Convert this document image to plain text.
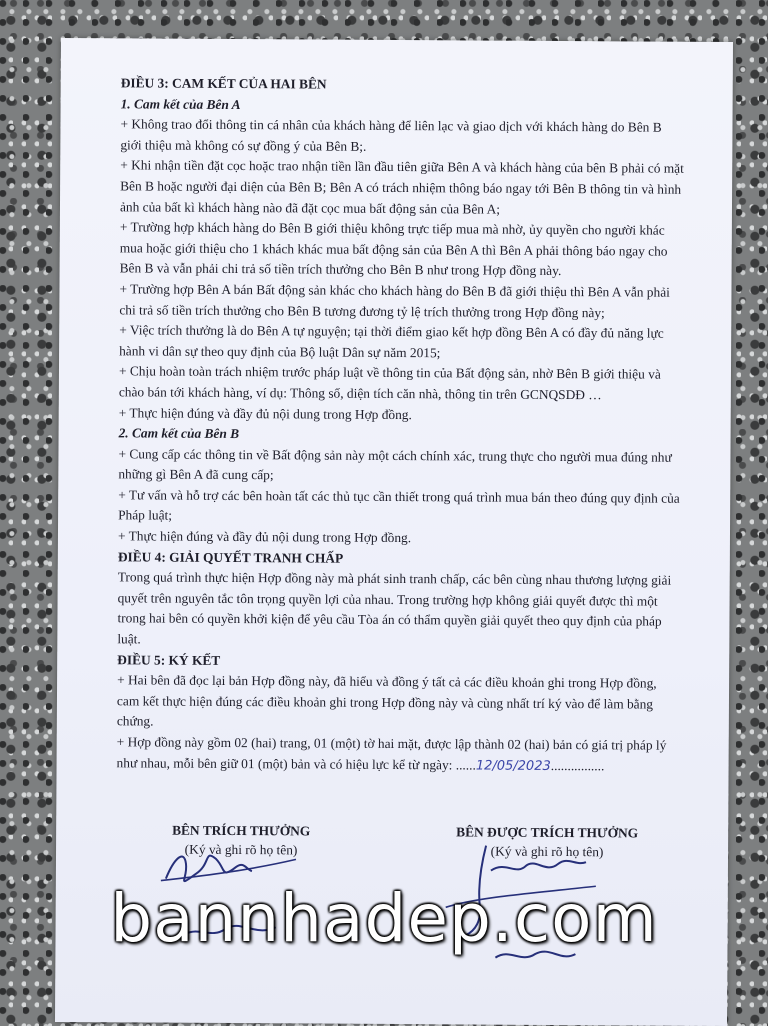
ĐIỀU 3: CAM KẾT CỦA HAI BÊN

1. Cam kết của Bên A

+ Không trao đổi thông tin cá nhân của khách hàng để liên lạc và giao dịch với khách hàng do Bên B giới thiệu mà không có sự đồng ý của Bên B;.

+ Khi nhận tiền đặt cọc hoặc trao nhận tiền lần đầu tiên giữa Bên A và khách hàng của bên B phải có mặt Bên B hoặc người đại diện của Bên B; Bên A có trách nhiệm thông báo ngay tới Bên B thông tin và hình ảnh của bất kì khách hàng nào đã đặt cọc mua bất động sản của Bên A;

+ Trường hợp khách hàng do Bên B giới thiệu không trực tiếp mua mà nhờ, ủy quyền cho người khác mua hoặc giới thiệu cho 1 khách khác mua bất động sản của Bên A thì Bên A phải thông báo ngay cho Bên B và vẫn phải chi trả số tiền trích thưởng cho Bên B như trong Hợp đồng này.

+ Trường hợp Bên A bán Bất động sản khác cho khách hàng do Bên B đã giới thiệu thì Bên A vẫn phải chi trả số tiền trích thưởng cho Bên B tương đương tỷ lệ trích thưởng trong Hợp đồng này;

+ Việc trích thưởng là do Bên A tự nguyện; tại thời điểm giao kết hợp đồng Bên A có đầy đủ năng lực hành vi dân sự theo quy định của Bộ luật Dân sự năm 2015;

+ Chịu hoàn toàn trách nhiệm trước pháp luật về thông tin của Bất động sản, nhờ Bên B giới thiệu và chào bán tới khách hàng, ví dụ: Thông số, diện tích căn nhà, thông tin trên GCNQSDĐ …

+ Thực hiện đúng và đầy đủ nội dung trong Hợp đồng.

2. Cam kết của Bên B

+ Cung cấp các thông tin về Bất động sản này một cách chính xác, trung thực cho người mua đúng như những gì Bên A đã cung cấp;

+ Tư vấn và hỗ trợ các bên hoàn tất các thủ tục cần thiết trong quá trình mua bán theo đúng quy định của Pháp luật;

+ Thực hiện đúng và đầy đủ nội dung trong Hợp đồng.

ĐIỀU 4: GIẢI QUYẾT TRANH CHẤP

Trong quá trình thực hiện Hợp đồng này mà phát sinh tranh chấp, các bên cùng nhau thương lượng giải quyết trên nguyên tắc tôn trọng quyền lợi của nhau. Trong trường hợp không giải quyết được thì một trong hai bên có quyền khởi kiện để yêu cầu Tòa án có thẩm quyền giải quyết theo quy định của pháp luật.

ĐIỀU 5: KÝ KẾT

+ Hai bên đã đọc lại bản Hợp đồng này, đã hiểu và đồng ý tất cả các điều khoản ghi trong Hợp đồng, cam kết thực hiện đúng các điều khoản ghi trong Hợp đồng này và cùng nhất trí ký vào để làm bằng chứng.

+ Hợp đồng này gồm 02 (hai) trang, 01 (một) tờ hai mặt, được lập thành 02 (hai) bản có giá trị pháp lý như nhau, mỗi bên giữ 01 (một) bản và có hiệu lực kể từ ngày: ......12/05/2023................

BÊN TRÍCH THƯỞNG
(Ký và ghi rõ họ tên)
BÊN ĐƯỢC TRÍCH THƯỞNG
(Ký và ghi rõ họ tên)
bannhadep.com
